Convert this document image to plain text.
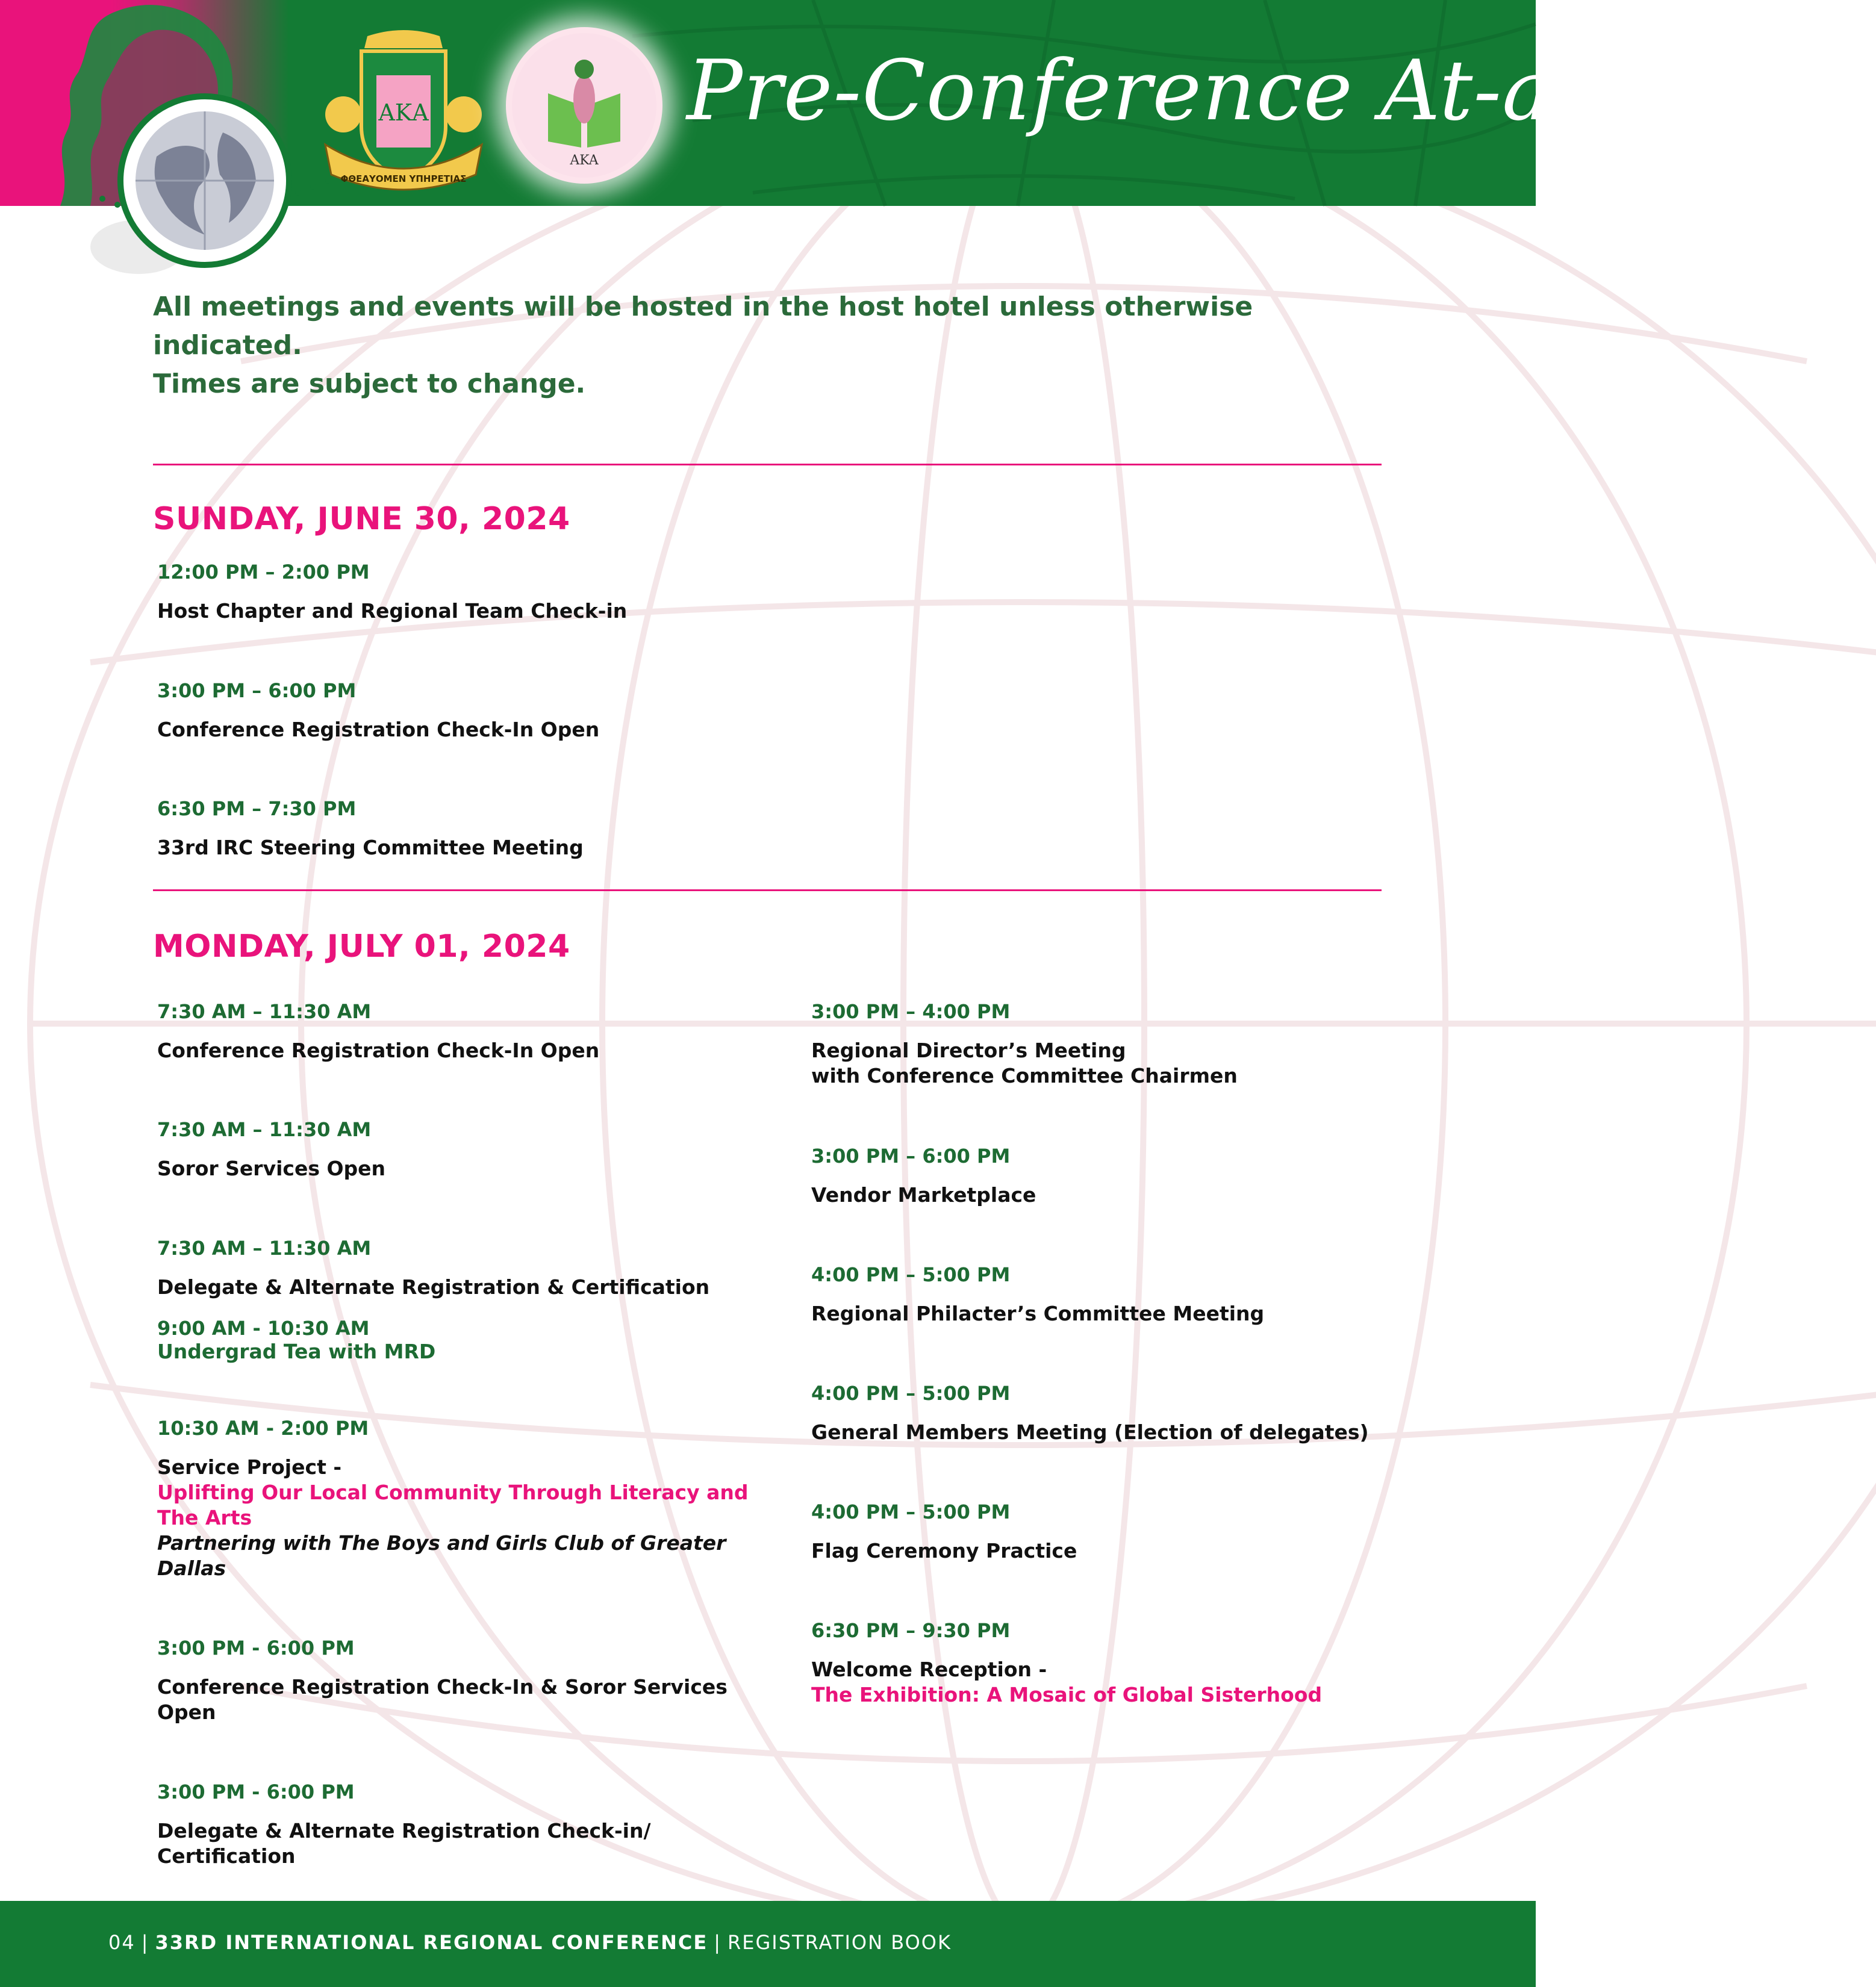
ΑΚΑ
ΦΘΕΑΥΟΜΕΝ ΥΠΗΡΕΤΙΑΣ
AKA
Pre-Conference At-a-Glance
All meetings and events will be hosted in the host hotel unless otherwise indicated.
Times are subject to change.
SUNDAY, JUNE 30, 2024
12:00 PM – 2:00 PM
Host Chapter and Regional Team Check-in
3:00 PM – 6:00 PM
Conference Registration Check-In Open
6:30 PM – 7:30 PM
33rd IRC Steering Committee Meeting
MONDAY, JULY 01, 2024
7:30 AM – 11:30 AM
Conference Registration Check-In Open
7:30 AM – 11:30 AM
Soror Services Open
7:30 AM – 11:30 AM
Delegate & Alternate Registration & Certification
9:00 AM - 10:30 AM
Undergrad Tea with MRD
10:30 AM - 2:00 PM
Service Project -
Uplifting Our Local Community Through Literacy and The Arts
Partnering with The Boys and Girls Club of Greater Dallas
3:00 PM - 6:00 PM
Conference Registration Check-In & Soror Services Open
3:00 PM - 6:00 PM
Delegate & Alternate Registration Check-in/ Certification
3:00 PM – 4:00 PM
Regional Director’s Meeting
with Conference Committee Chairmen
3:00 PM – 6:00 PM
Vendor Marketplace
4:00 PM – 5:00 PM
Regional Philacter’s Committee Meeting
4:00 PM – 5:00 PM
General Members Meeting (Election of delegates)
4:00 PM – 5:00 PM
Flag Ceremony Practice
6:30 PM – 9:30 PM
Welcome Reception -
The Exhibition: A Mosaic of Global Sisterhood
04 | 33RD INTERNATIONAL REGIONAL CONFERENCE | REGISTRATION BOOK
